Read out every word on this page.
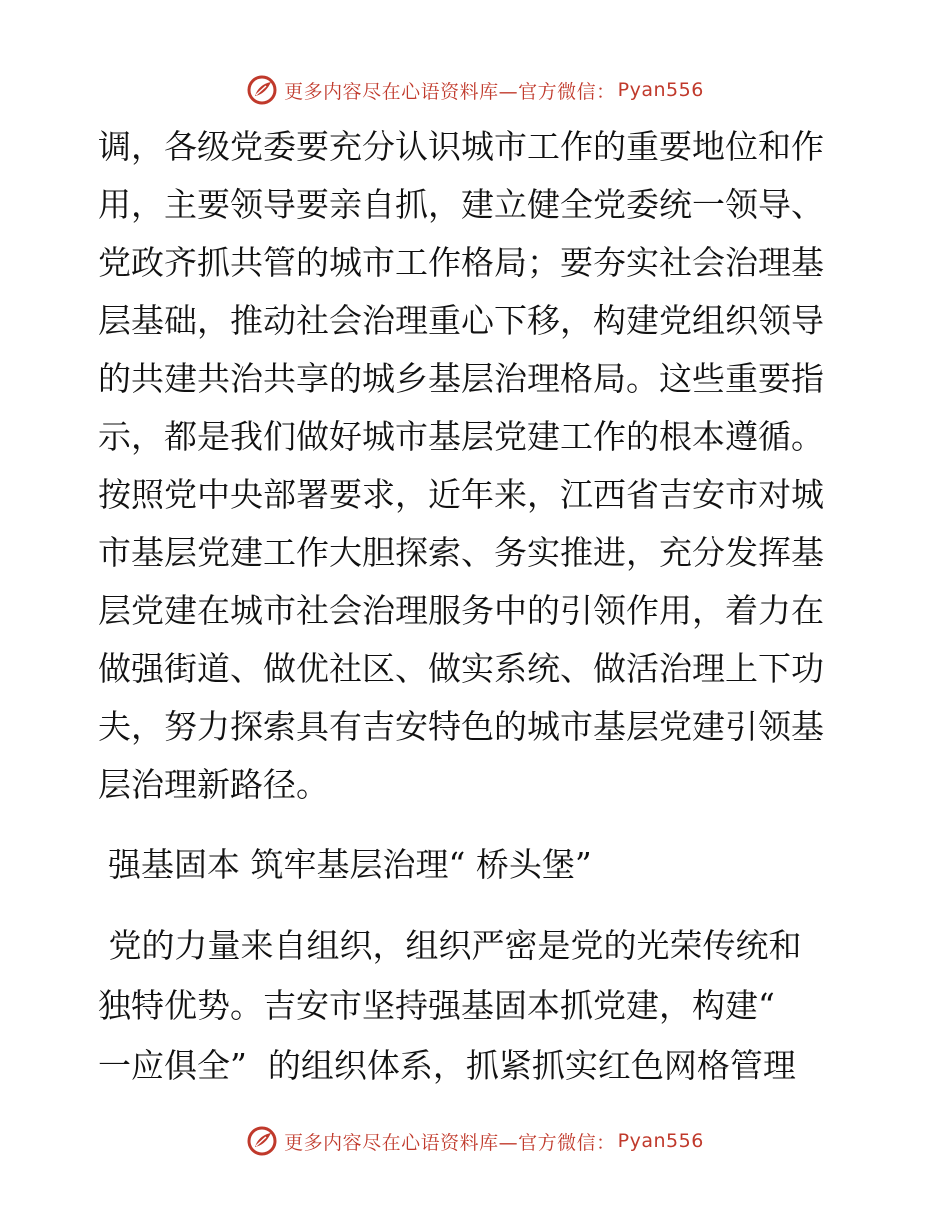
更多内容尽在心语资料库—官方微信： Pyan556
调，各级党委要充分认识城市工作的重要地位和作
用，主要领导要亲自抓，建立健全党委统一领导、
党政齐抓共管的城市工作格局；要夯实社会治理基
层基础，推动社会治理重心下移，构建党组织领导
的共建共治共享的城乡基层治理格局。这些重要指
示，都是我们做好城市基层党建工作的根本遵循。
按照党中央部署要求，近年来，江西省吉安市对城
市基层党建工作大胆探索、务实推进，充分发挥基
层党建在城市社会治理服务中的引领作用，着力在
做强街道、做优社区、做实系统、做活治理上下功
夫，努力探索具有吉安特色的城市基层党建引领基
层治理新路径。
强基固本 筑牢基层治理“ 桥头堡”
党的力量来自组织，组织严密是党的光荣传统和
独特优势。吉安市坚持强基固本抓党建，构建“
一应俱全”  的组织体系，抓紧抓实红色网格管理
更多内容尽在心语资料库—官方微信： Pyan556
